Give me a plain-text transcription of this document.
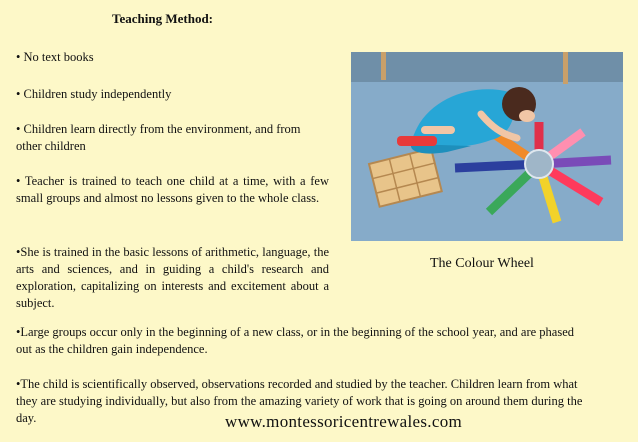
Teaching Method:
• No text books
• Children study independently
• Children learn directly from the environment, and from other children
• Teacher is trained to teach one child at a time, with a few small groups and almost no lessons given to the whole class.
•She is trained in the basic lessons of arithmetic, language, the arts and sciences, and in guiding a child's research and exploration, capitalizing on interests and excitement about a subject.
•Large groups occur only in the beginning of a new class, or in the beginning of the school year, and are phased out as the children gain independence.
•The child is scientifically observed, observations recorded and studied by the teacher. Children learn from what they are studying individually, but also from the amazing variety of work that is going on around them during the day.
The Colour Wheel
www.montessoricentrewales.com
